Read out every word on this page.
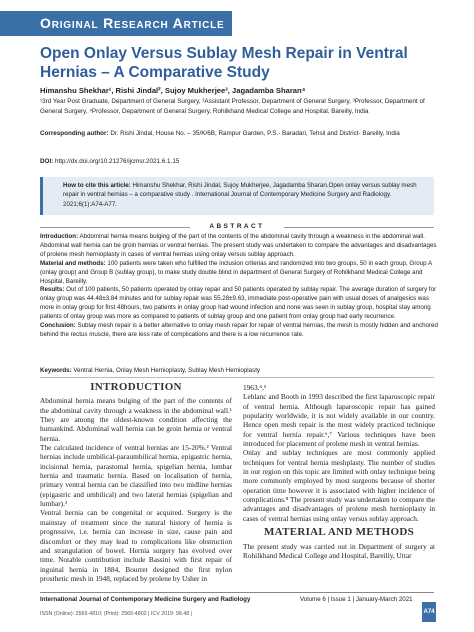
Original Research Article
Open Onlay Versus Sublay Mesh Repair in Ventral Hernias – A Comparative Study
Himanshu Shekhar¹, Rishi Jindal², Sujoy Mukherjee³, Jagadamba Sharan⁴
¹3rd Year Post Graduate, Department of General Surgery, ²Assistant Professor, Department of General Surgery, ³Professor, Department of General Surgery, ⁴Professor, Department of General Surgery, Rohilkhand Medical College and Hospital, Bareilly, India
Corresponding author: Dr. Rishi Jindal, House No. – 35/K/6B, Rampur Garden, P.S.- Baradari, Tehsil and District- Bareilly, India
DOI: http://dx.doi.org/10.21276/ijcmsr.2021.6.1.15

How to cite this article: Himanshu Shekhar, Rishi Jindal, Sujoy Mukherjee, Jagadamba Sharan.Open onlay versus sublay mesh repair in ventral hernias – a comparative study . International Journal of Contemporary Medicine Surgery and Radiology. 2021;6(1):A74-A77.

ABSTRACT

Introduction: Abdominal hernia means bulging of the part of the contents of the abdominal cavity through a weakness in the abdominal wall. Abdominal wall hernia can be groin hernias or ventral hernias. The present study was undertaken to compare the advantages and disadvantages of prolene mesh hernioplasty in cases of ventral hernias using onlay versus sublay approach.

Material and methods: 100 patients were taken who fulfilled the inclusion criterias and randomized into two groups, 50 in each group, Group A (onlay group) and Group B (sublay group), to make study double blind in department of General Surgery of Rohilkhand Medical College and Hospital, Bareilly.

Results: Out of 100 patients, 50 patients operated by onlay repair and 50 patients operated by sublay repair. The average duration of surgery for onlay group was 44.48±3.84 minutes and for sublay repair was 55.28±9.63, immediate post-operative pain with usual doses of analgesics was more in onlay group for first 48hours, two patients in onlay group had wound infection and none was seen in sublay group, hospital stay among patients of onlay group was more as compared to patients of sublay group and one patient from onlay group had early recurrence.

Conclusion: Sublay mesh repair is a better alternative to onlay mesh repair for repair of ventral hernias, the mesh is mostly hidden and anchored behind the rectus muscle, there are less rate of complications and there is a low recurrence rate.

Keywords: Ventral Hernia, Onlay Mesh Hernioplasty, Sublay Mesh Hernioplasty
INTRODUCTION

Abdominal hernia means bulging of the part of the contents of the abdominal cavity through a weakness in the abdominal wall.¹ They are among the oldest-known condition affecting the humankind. Abdominal wall hernia can be groin hernia or ventral hernia.

The calculated incidence of ventral hernias are 15-20%.² Ventral hernias include umbilical-paraumbilical hernia, epigastric hernia, incisional hernia, parastomal hernia, spigelian hernia, lumbar hernia and traumatic hernia. Based on localisation of hernia, primary ventral hernia can be classified into two midline hernias (epigastric and umbilical) and two lateral hernias (spigelian and lumbar).³

Ventral hernia can be congenital or acquired. Surgery is the mainstay of treatment since the natural history of hernia is progressive, i.e. hernia can increase in size, cause pain and discomfort or they may lead to complications like obstruction and strangulation of bowel. Hernia surgery has evolved over time. Notable contribution include Bassini with first repair of inguinal hernia in 1884, Bourret designed the first nylon prosthetic mesh in 1948, replaced by prolene by Usher in

1963.⁴,⁵

Leblanc and Booth in 1993 described the first laparoscopic repair of ventral hernia. Although laparoscopic repair has gained popularity worldwide, it is not widely available in our country. Hence open mesh repair is the most widely practiced technique for ventral hernia repair.⁶,⁷ Various techniques have been introduced for placement of prolene mesh in ventral hernias.

Onlay and sublay techniques are most commonly applied techniques for ventral hernia meshplasty. The number of studies in our region on this topic are limited with onlay technique being more commonly employed by most surgeons because of shorter operation time however it is associated with higher incidence of complications.⁸ The present study was undertaken to compare the advantages and disadvantages of prolene mesh hernioplasty in cases of ventral hernias using onlay versus sublay approach.

MATERIAL AND METHODS

The present study was carried out in Department of surgery at Rohilkhand Medical College and Hospital, Bareilly, Uttar

International Journal of Contemporary Medicine Surgery and Radiology	Volume 6 | Issue 1 | January-March 2021
ISSN (Online): 2565-4810; (Print): 2565-4802 | ICV 2019: 98.48 |	A74
